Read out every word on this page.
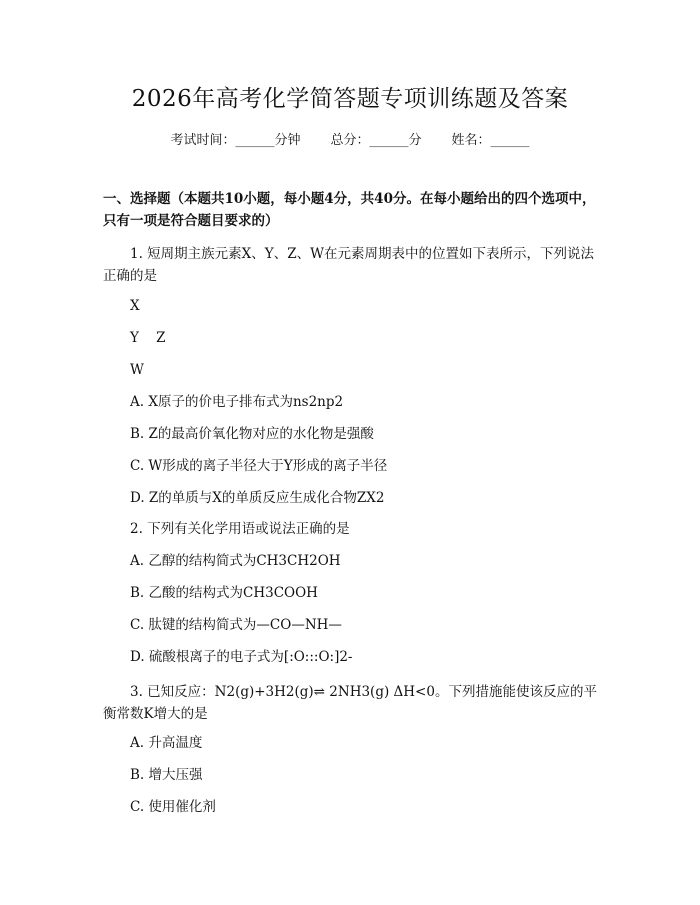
2026年高考化学简答题专项训练题及答案
考试时间：______分钟 总分：______分 姓名：______
一、选择题（本题共10小题，每小题4分，共40分。在每小题给出的四个选项中，只有一项是符合题目要求的）
1. 短周期主族元素X、Y、Z、W在元素周期表中的位置如下表所示，下列说法正确的是
X
Y    Z
W
A. X原子的价电子排布式为ns2np2
B. Z的最高价氧化物对应的水化物是强酸
C. W形成的离子半径大于Y形成的离子半径
D. Z的单质与X的单质反应生成化合物ZX2
2. 下列有关化学用语或说法正确的是
A. 乙醇的结构简式为CH3CH2OH
B. 乙酸的结构式为CH3COOH
C. 肽键的结构简式为—CO—NH—
D. 硫酸根离子的电子式为[:O:::O:]2-
3. 已知反应：N2(g)+3H2(g)⇌ 2NH3(g) ΔH<0。下列措施能使该反应的平衡常数K增大的是
A. 升高温度
B. 增大压强
C. 使用催化剂
